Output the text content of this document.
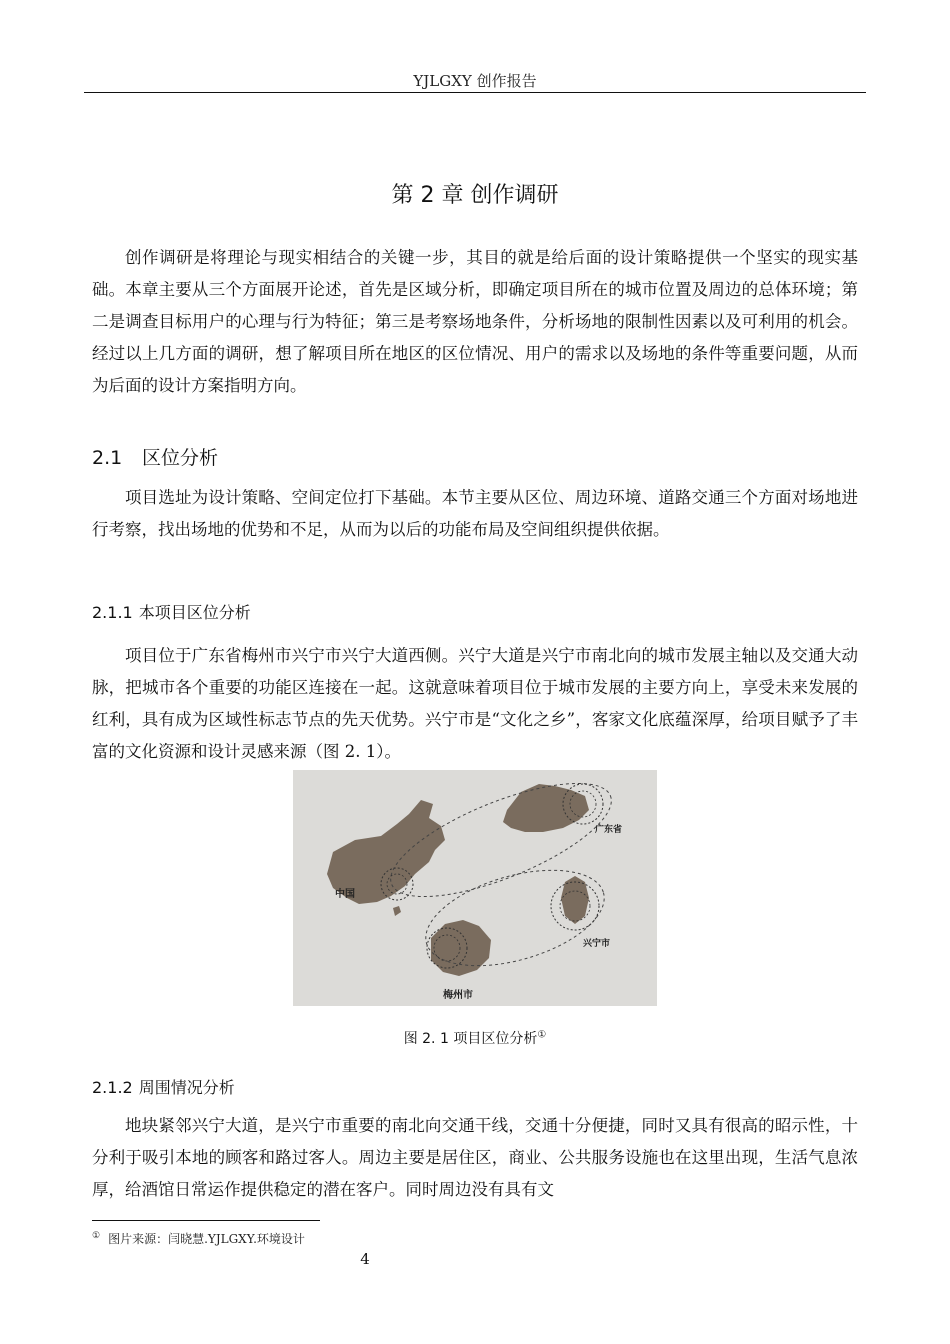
YJLGXY 创作报告
第 2 章 创作调研

创作调研是将理论与现实相结合的关键一步，其目的就是给后面的设计策略提供一个坚实的现实基础。本章主要从三个方面展开论述，首先是区域分析，即确定项目所在的城市位置及周边的总体环境；第二是调查目标用户的心理与行为特征；第三是考察场地条件，分析场地的限制性因素以及可利用的机会。经过以上几方面的调研，想了解项目所在地区的区位情况、用户的需求以及场地的条件等重要问题，从而为后面的设计方案指明方向。

2.1 区位分析

项目选址为设计策略、空间定位打下基础。本节主要从区位、周边环境、道路交通三个方面对场地进行考察，找出场地的优势和不足，从而为以后的功能布局及空间组织提供依据。

2.1.1 本项目区位分析

项目位于广东省梅州市兴宁市兴宁大道西侧。兴宁大道是兴宁市南北向的城市发展主轴以及交通大动脉，把城市各个重要的功能区连接在一起。这就意味着项目位于城市发展的主要方向上，享受未来发展的红利，具有成为区域性标志节点的先天优势。兴宁市是“文化之乡”，客家文化底蕴深厚，给项目赋予了丰富的文化资源和设计灵感来源（图 2. 1）。

中国
广东省
梅州市
兴宁市
图 2. 1 项目区位分析①
2.1.2 周围情况分析

地块紧邻兴宁大道，是兴宁市重要的南北向交通干线，交通十分便捷，同时又具有很高的昭示性，十分利于吸引本地的顾客和路过客人。周边主要是居住区，商业、公共服务设施也在这里出现，生活气息浓厚，给酒馆日常运作提供稳定的潜在客户。同时周边没有具有文

① 图片来源：闫晓慧.YJLGXY.环境设计
4
